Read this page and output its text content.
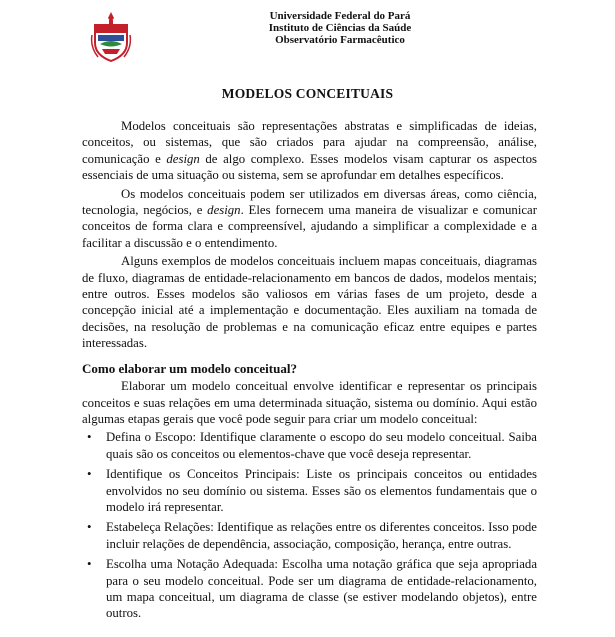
Universidade Federal do Pará
Instituto de Ciências da Saúde
Observatório Farmacêutico
MODELOS CONCEITUAIS

Modelos conceituais são representações abstratas e simplificadas de ideias, conceitos, ou sistemas, que são criados para ajudar na compreensão, análise, comunicação e design de algo complexo. Esses modelos visam capturar os aspectos essenciais de uma situação ou sistema, sem se aprofundar em detalhes específicos.

Os modelos conceituais podem ser utilizados em diversas áreas, como ciência, tecnologia, negócios, e design. Eles fornecem uma maneira de visualizar e comunicar conceitos de forma clara e compreensível, ajudando a simplificar a complexidade e a facilitar a discussão e o entendimento.

Alguns exemplos de modelos conceituais incluem mapas conceituais, diagramas de fluxo, diagramas de entidade-relacionamento em bancos de dados, modelos mentais; entre outros. Esses modelos são valiosos em várias fases de um projeto, desde a concepção inicial até a implementação e documentação. Eles auxiliam na tomada de decisões, na resolução de problemas e na comunicação eficaz entre equipes e partes interessadas.

Como elaborar um modelo conceitual?

Elaborar um modelo conceitual envolve identificar e representar os principais conceitos e suas relações em uma determinada situação, sistema ou domínio. Aqui estão algumas etapas gerais que você pode seguir para criar um modelo conceitual:

• Defina o Escopo: Identifique claramente o escopo do seu modelo conceitual. Saiba quais são os conceitos ou elementos-chave que você deseja representar.
• Identifique os Conceitos Principais: Liste os principais conceitos ou entidades envolvidos no seu domínio ou sistema. Esses são os elementos fundamentais que o modelo irá representar.
• Estabeleça Relações: Identifique as relações entre os diferentes conceitos. Isso pode incluir relações de dependência, associação, composição, herança, entre outras.
• Escolha uma Notação Adequada: Escolha uma notação gráfica que seja apropriada para o seu modelo conceitual. Pode ser um diagrama de entidade-relacionamento, um mapa conceitual, um diagrama de classe (se estiver modelando objetos), entre outros.
